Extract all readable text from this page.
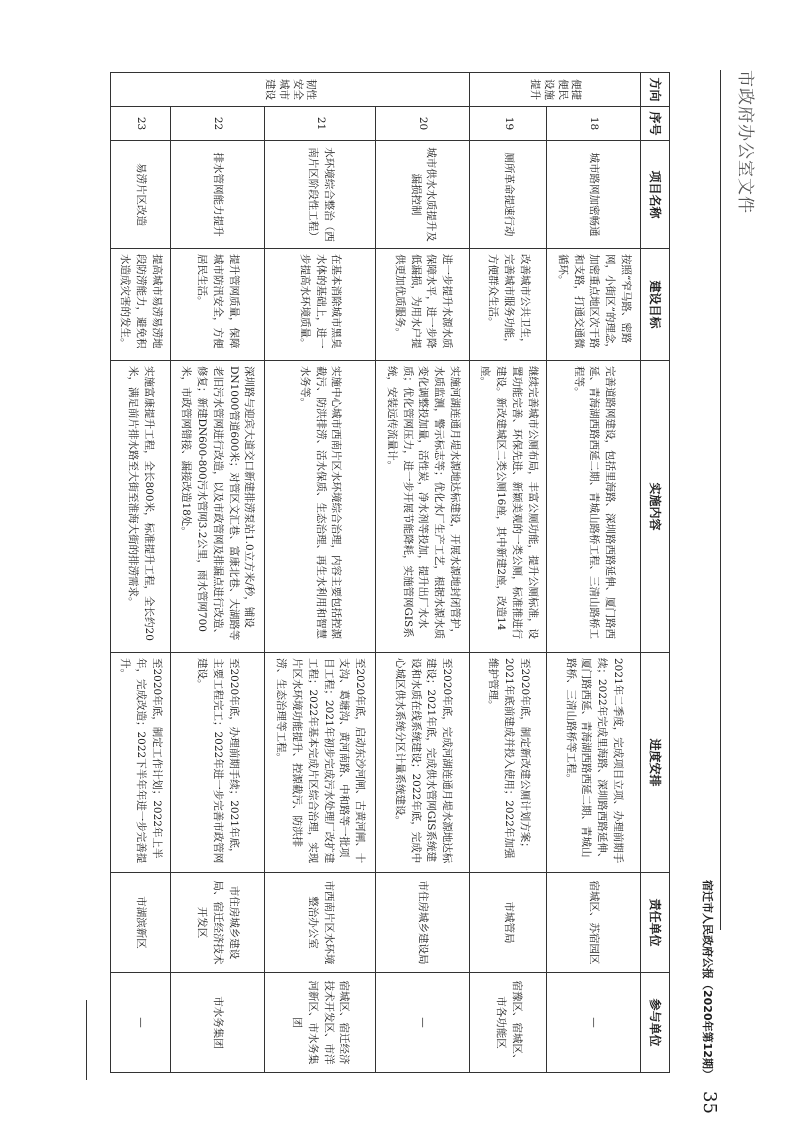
市政府办公室文件
宿迁市人民政府公报（2020年第12期） 35
方向	序号	项目名称	建设目标	实施内容	进度安排	责任单位	参与单位
便捷便民设施提升	18	城市路网加密畅通	按照“窄马路、密路网，小街区”的理念，加密重点地区次干路和支路，打通交通微循环。	完善道路网建设，包括里海路、深圳路西路延伸、厦门路西延、青海湖西路西延二期、青城山路桥工程、三清山路桥工程等。	2021年二季度，完成项目立项、办理前期手续；2022年完成里海路、深圳路西路延伸、厦门路西延、青海湖西路西延二期、青城山路桥、三清山路桥等工程。	宿城区、苏宿园区	—
	19	厕所革命提速行动	改善城市公共卫生，完善城市服务功能，方便群众生活。	继续完善城市公厕布局，丰富公厕功能，提升公厕标准，设置功能完善、环保先进、新颖美观的一类公厕，标准推进行建设。新改建城区二类公厕16座，其中新建2座，改造14座。	至2020年底，制定新改建公厕计划方案；2021年底前建成并投入使用；2022年加强维护管理。	市城管局	宿豫区、宿城区、市各功能区
韧性安全城市建设	20	城市供水水质提升及漏损控制	进一步提升水源水质保障水平，进一步降低漏损，为用水户提供更加优质服务。	实施河湖连通月堤水源地达标建设，开展水源地封闭管护，水质监测，警示标志等；优化水厂生产工艺，根据水源水质变化调整投加量，活性炭，净水剂等投加，提升出厂水水质；优化管网压力，进一步开展节能降耗，实施管网GIS系统，安装远传流量计。	至2020年底，完成河湖连通月堤水源地达标建设；2021年底，完成供水管网GIS系统建设和水质在线系统建设；2022年底，完成中心城区供水系统分区计量系统建设。	市住房城乡建设局	—
	21	水环境综合整治（西南片区阶段性工程）	在基本消除城市黑臭水体的基础上，进一步提高水环境质量。	实施中心城市西南片区水环境综合治理，内容主要包括控源截污、防洪排涝、活水保质、生态治理、再生水利用和智慧水务等。	至2020年底，启动东沙河闸、古黄河闸、十支沟、葛塘沟、黄河南路、中和路等一批项目工程；2021年初步完成污水处理厂改扩建工程；2022年基本完成片区综合治理，实现片区水环境功能提升、控源截污、防洪排涝、生态治理等工程。	市西南片区水环境整治办公室	宿城区、宿迁经济技术开发区、市洋河新区、市水务集团
	22	排水管网能力提升	提升管网质量，保障城市防汛安全，方便居民生活。	深圳路与迎宾大道交口新建排涝泵站1.0立方米/秒，铺设DN1000管道600米；对管区文汇巷、富康北巷、大湖路等老旧污水管网进行改造，以及市政管网及排漏点进行改造、修复；新建DN600-800污水管网3.2公里，雨水管网700米，市政管网错接、漏接改造18处。	至2020年底，办理前期手续；2021年底，主要工程完工；2022年进一步完善市政管网建设。	市住房城乡建设局、宿迁经济技术开发区	市水务集团
	23	易涝片区改造	提高城市易涝易涝地段防涝能力，避免积水造成灾害的发生。	实施富康提升工程，全长800米，标准提升工程，全长约20米，满足前片排水路至大街至淮海大街的排涝需求。	至2020年底，制定工作计划；2022年上半年，完成改造；2022下半年年进一步完善提升。	市湖滨新区	—
